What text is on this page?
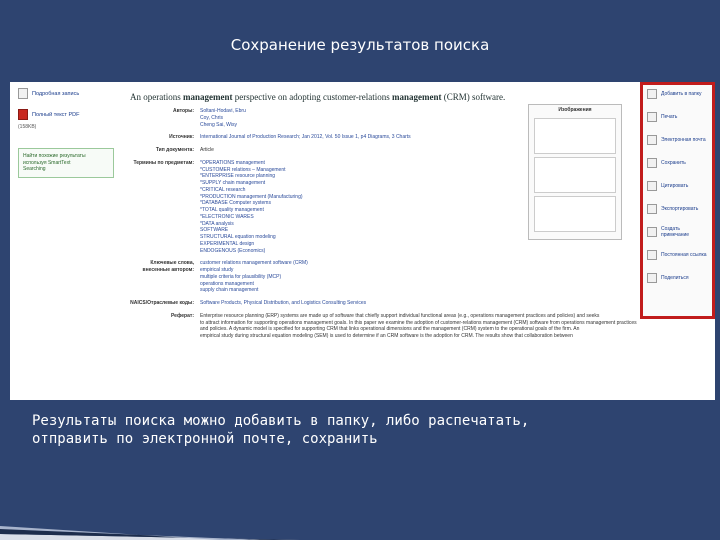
Сохранение результатов поиска
Подробная запись
Полный текст PDF
(158KB)
Найти похожие результаты
используя SmartText
Searching
An operations management perspective on adopting customer-relations management (CRM) software.
Авторы:	Soltani-Hodavi, Ebru
Coy, Chris
Cheng Sai, Wisy
Источник:	International Journal of Production Research; Jan 2012, Vol. 50 Issue 1, p4 Diagrams, 3 Charts
Тип документа:	Article
Термины по предметам:	*OPERATIONS management
*CUSTOMER relations – Management
*ENTERPRISE resource planning
*SUPPLY chain management
*CRITICAL research
*PRODUCTION management (Manufacturing)
*DATABASE Computer systems
*TOTAL quality management
*ELECTRONIC WARES
*DATA analysis
SOFTWARE
STRUCTURAL equation modeling
EXPERIMENTAL design
ENDOGENOUS (Economics)
Ключевые слова, внесенные автором:
customer relations management software (CRM)
empirical study
multiple criteria for plausibility (MCP)
operations management
supply chain management
NAICS/Отраслевые коды:	Software Products, Physical Distribution, and Logistics Consulting Services
Реферат:	Enterprise resource planning (ERP) systems are made up of software that chiefly support individual functional areas (e.g., operations management practices and policies) and seeks
to attract information for supporting operations management goals. In this paper we examine the adoption of customer-relations management (CRM) software from operations management practices
and policies. A dynamic model is specified for supporting CRM that links operational dimensions and the management (CRM) system to the operational goals of the firm. An
empirical study during structural equation modeling (SEM) is used to determine if an CRM software is the adoption for CRM. The results show that collaboration between
Изображения
Добавить в папку
Печать
Электронная почта
Сохранить
Цитировать
Экспортировать
Создать примечание
Постоянная ссылка
Поделиться
Результаты поиска можно добавить в папку, либо распечатать,
отправить по электронной почте, сохранить
